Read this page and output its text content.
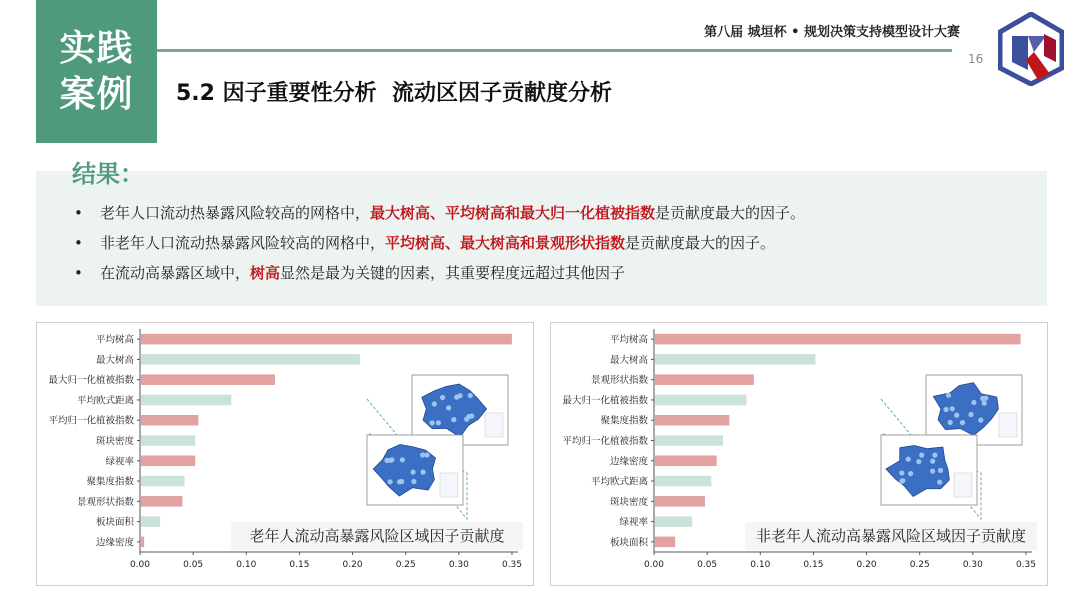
实践
案例
第八届 城垣杯 • 规划决策支持模型设计大赛
16
5.2 因子重要性分析  流动区因子贡献度分析
结果：
• 老年人口流动热暴露风险较高的网格中，最大树高、平均树高和最大归一化植被指数是贡献度最大的因子。
• 非老年人口流动热暴露风险较高的网格中，平均树高、最大树高和景观形状指数是贡献度最大的因子。
• 在流动高暴露区域中，树高显然是最为关键的因素，其重要程度远超过其他因子
平均树高
最大树高
最大归一化植被指数
平均欧式距离
平均归一化植被指数
斑块密度
绿视率
聚集度指数
景观形状指数
板块面积
边缘密度
0.00	0.05	0.10	0.15	0.20	0.25	0.30	0.35
老年人流动高暴露风险区域因子贡献度
平均树高
最大树高
景观形状指数
最大归一化植被指数
聚集度指数
平均归一化植被指数
边缘密度
平均欧式距离
斑块密度
绿视率
板块面积
0.00	0.05	0.10	0.15	0.20	0.25	0.30	0.35
非老年人流动高暴露风险区域因子贡献度
